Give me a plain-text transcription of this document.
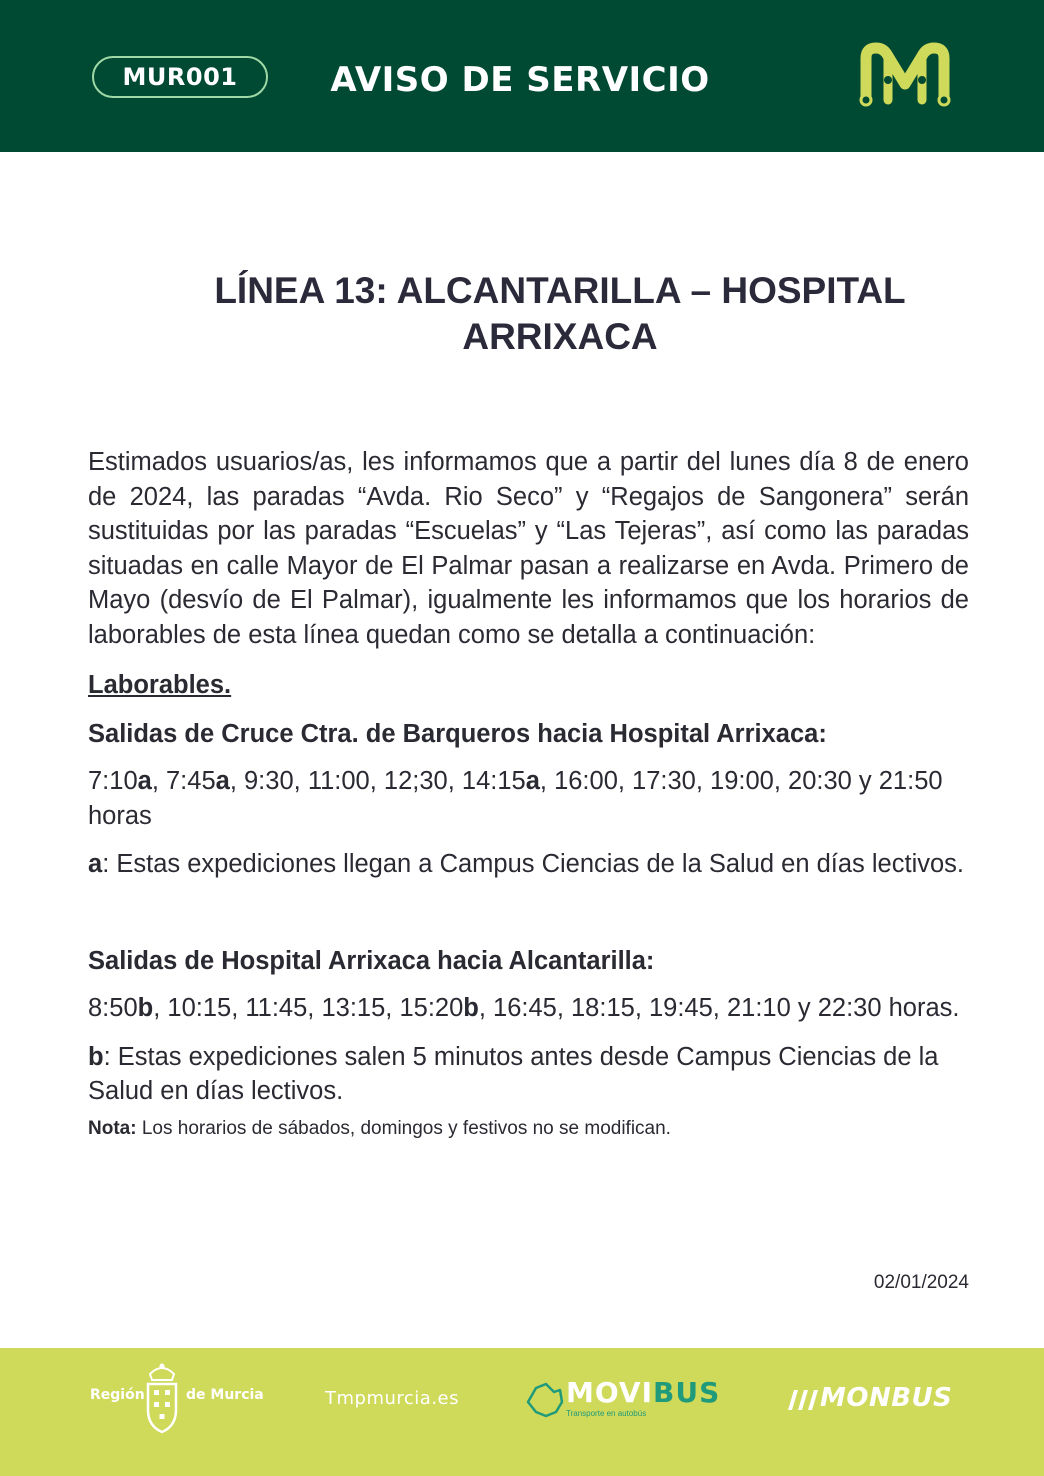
MUR001	AVISO DE SERVICIO
LÍNEA 13: ALCANTARILLA – HOSPITAL
ARRIXACA

Estimados usuarios/as, les informamos que a partir del lunes día 8 de enero de 2024, las paradas “Avda. Rio Seco” y “Regajos de Sangonera” serán sustituidas por las paradas “Escuelas” y “Las Tejeras”, así como las paradas situadas en calle Mayor de El Palmar pasan a realizarse en Avda. Primero de Mayo (desvío de El Palmar), igualmente les informamos que los horarios de laborables de esta línea quedan como se detalla a continuación:

Laborables.

Salidas de Cruce Ctra. de Barqueros hacia Hospital Arrixaca:

7:10a, 7:45a, 9:30, 11:00, 12;30, 14:15a, 16:00, 17:30, 19:00, 20:30 y 21:50 horas

a: Estas expediciones llegan a Campus Ciencias de la Salud en días lectivos.

Salidas de Hospital Arrixaca hacia Alcantarilla:

8:50b, 10:15, 11:45, 13:15, 15:20b, 16:45, 18:15, 19:45, 21:10 y 22:30 horas.

b: Estas expediciones salen 5 minutos antes desde Campus Ciencias de la Salud en días lectivos.

Nota: Los horarios de sábados, domingos y festivos no se modifican.

02/01/2024
Región	de Murcia	Tmpmurcia.es	MOVIBUS
Transporte en autobús
MONBUS
